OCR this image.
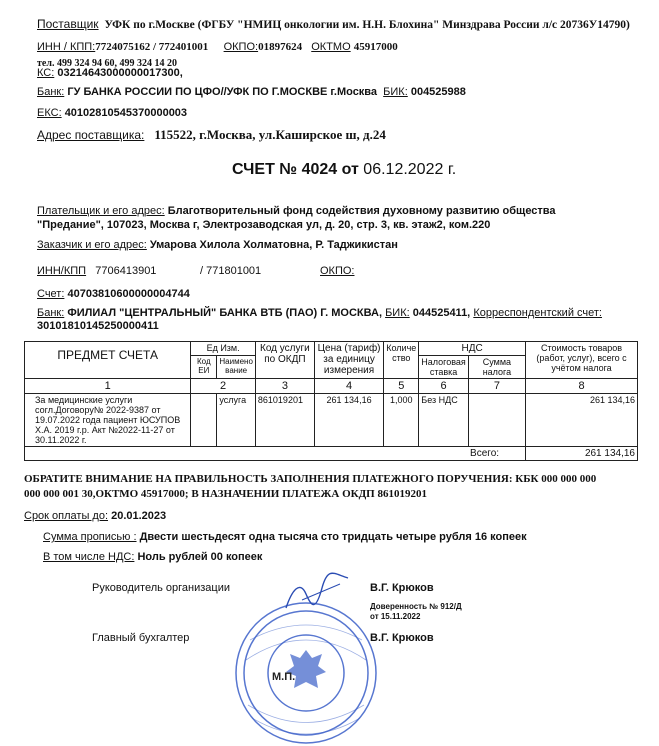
Поставщик УФК по г.Москве (ФГБУ "НМИЦ онкологии им. Н.Н. Блохина" Минздрава России л/с 20736У14790)
ИНН / КПП:7724075162 / 772401001 ОКПО:01897624 ОКТМО 45917000
тел. 499 324 94 60, 499 324 14 20
КС: 03214643000000017300,
Банк: ГУ БАНКА РОССИИ ПО ЦФО//УФК ПО Г.МОСКВЕ г.Москва БИК: 004525988
ЕКС: 40102810545370000003
Адрес поставщика: 115522, г.Москва, ул.Каширское ш, д.24
СЧЕТ № 4024 от 06.12.2022 г.
Плательщик и его адрес: Благотворительный фонд содействия духовному развитию общества
"Предание", 107023, Москва г, Электрозаводская ул, д. 20, стр. 3, кв. этаж2, ком.220
Заказчик и его адрес: Умарова Хилола Холматовна, Р. Таджикистан
ИНН/КПП 7706413901	/ 771801001	ОКПО:
Счет: 40703810600000004744
Банк: ФИЛИАЛ "ЦЕНТРАЛЬНЫЙ" БАНКА ВТБ (ПАО) Г. МОСКВА, БИК: 044525411, Корреспондентский счет:
30101810145250000411
ПРЕДМЕТ СЧЕТА	Ед Изм.		Код услуги по ОКДП	Цена (тариф) за единицу измерения	Количе ство	НДС		Стоимость товаров (работ, услуг), всего с учётом налога
	Код ЕИ	Наимено вание				Налоговая ставка	Сумма налога	
1	2		3	4	5	6	7	8
За медицинские услуги согл.Договору№ 2022-9387 от 19.07.2022 года пациент ЮСУПОВ Х.А. 2019 г.р. Акт №2022-11-27 от 30.11.2022 г.		услуга	861019201	261 134,16	1,000	Без НДС		261 134,16
Всего:								261 134,16
ОБРАТИТЕ ВНИМАНИЕ НА ПРАВИЛЬНОСТЬ ЗАПОЛНЕНИЯ ПЛАТЕЖНОГО ПОРУЧЕНИЯ: КБК 000 000 000
000 000 001 30,ОКТМО 45917000; В НАЗНАЧЕНИИ ПЛАТЕЖА ОКДП 861019201
Срок оплаты до: 20.01.2023
Сумма прописью : Двести шестьдесят одна тысяча сто тридцать четыре рубля 16 копеек
В том числе НДС: Ноль рублей 00 копеек
Руководитель организации	В.Г. Крюков
Доверенность № 912/Д
от 15.11.2022
Главный бухгалтер	В.Г. Крюков
М.П.
